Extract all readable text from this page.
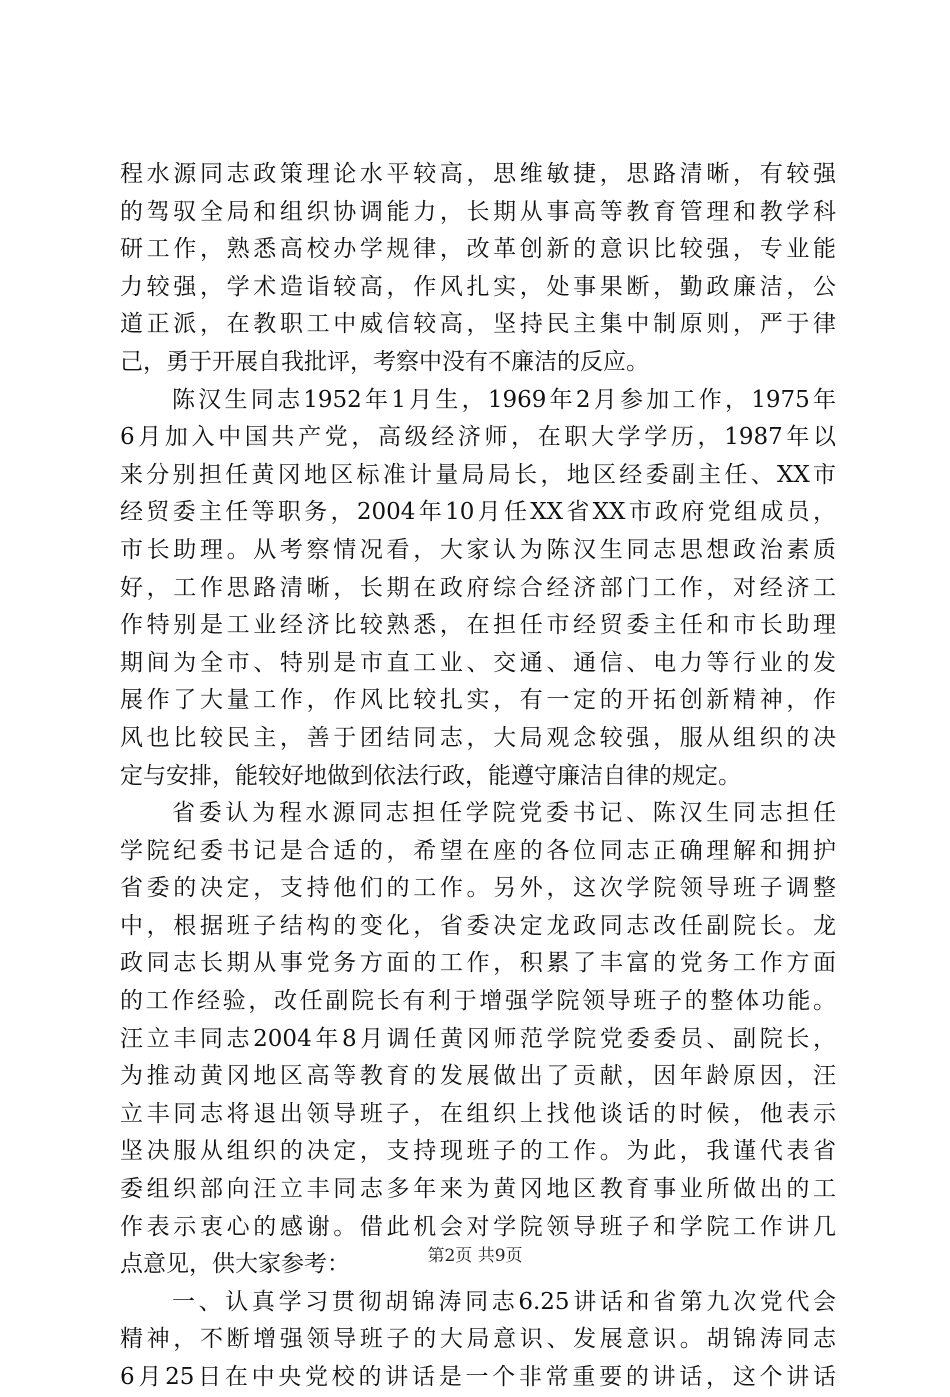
程水源同志政策理论水平较高，思维敏捷，思路清晰，有较强
的驾驭全局和组织协调能力，长期从事高等教育管理和教学科
研工作，熟悉高校办学规律，改革创新的意识比较强，专业能
力较强，学术造诣较高，作风扎实，处事果断，勤政廉洁，公
道正派，在教职工中威信较高，坚持民主集中制原则，严于律
己，勇于开展自我批评，考察中没有不廉洁的反应。
陈汉生同志1952年1月生，1969年2月参加工作，1975年
6月加入中国共产党，高级经济师，在职大学学历，1987年以
来分别担任黄冈地区标准计量局局长，地区经委副主任、XX市
经贸委主任等职务，2004年10月任XX省XX市政府党组成员，
市长助理。从考察情况看，大家认为陈汉生同志思想政治素质
好，工作思路清晰，长期在政府综合经济部门工作，对经济工
作特别是工业经济比较熟悉，在担任市经贸委主任和市长助理
期间为全市、特别是市直工业、交通、通信、电力等行业的发
展作了大量工作，作风比较扎实，有一定的开拓创新精神，作
风也比较民主，善于团结同志，大局观念较强，服从组织的决
定与安排，能较好地做到依法行政，能遵守廉洁自律的规定。
省委认为程水源同志担任学院党委书记、陈汉生同志担任
学院纪委书记是合适的，希望在座的各位同志正确理解和拥护
省委的决定，支持他们的工作。另外，这次学院领导班子调整
中，根据班子结构的变化，省委决定龙政同志改任副院长。龙
政同志长期从事党务方面的工作，积累了丰富的党务工作方面
的工作经验，改任副院长有利于增强学院领导班子的整体功能。
汪立丰同志2004年8月调任黄冈师范学院党委委员、副院长，
为推动黄冈地区高等教育的发展做出了贡献，因年龄原因，汪
立丰同志将退出领导班子，在组织上找他谈话的时候，他表示
坚决服从组织的决定，支持现班子的工作。为此，我谨代表省
委组织部向汪立丰同志多年来为黄冈地区教育事业所做出的工
作表示衷心的感谢。借此机会对学院领导班子和学院工作讲几
点意见，供大家参考：
一、认真学习贯彻胡锦涛同志6.25讲话和省第九次党代会
精神，不断增强领导班子的大局意识、发展意识。胡锦涛同志
6月25日在中央党校的讲话是一个非常重要的讲话，这个讲话
第2页 共9页
